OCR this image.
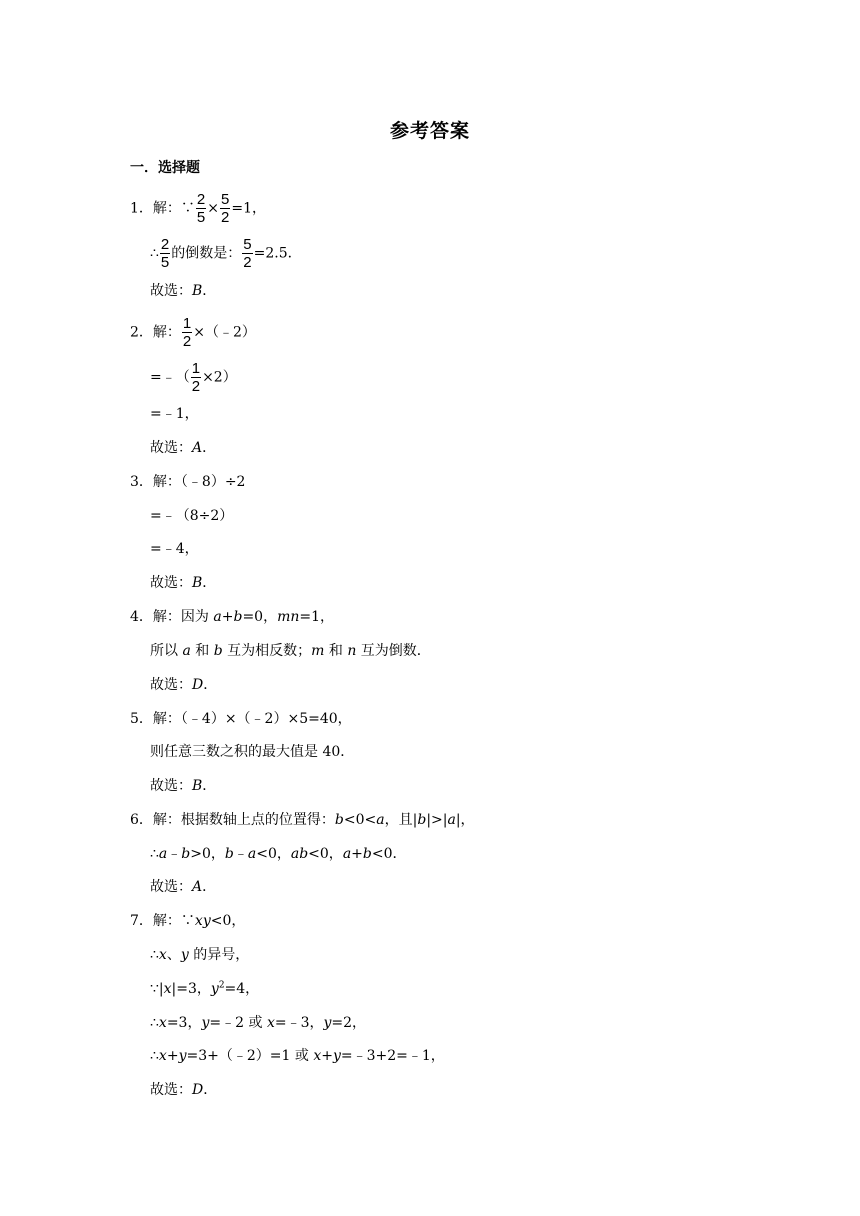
参考答案
一．选择题
1．解：∵ $\frac{2}{5} \times \frac{5}{2} =1$，
∴ $\frac{2}{5}$ 的倒数是： $\frac{5}{2} =2.5$．
故选：B．
2．解： $\frac{1}{2}$ ×（﹣2）
=﹣（ $\frac{1}{2} \times 2$）
=﹣1，
故选：A．
3．解：（﹣8）÷2
=﹣（8÷2）
=﹣4，
故选：B．
4．解：因为 a+b=0，mn=1，
所以 a 和 b 互为相反数；m 和 n 互为倒数．
故选：D．
5．解：（﹣4）×（﹣2）×5=40，
则任意三数之积的最大值是 40．
故选：B．
6．解：根据数轴上点的位置得：b<0<a，且|b|>|a|，
∴a﹣b>0，b﹣a<0，ab<0，a+b<0．
故选：A．
7．解：∵xy<0，
∴x、y 的异号，
∵|x|=3，$y^2=4$，
∴x=3，y=﹣2 或 x=﹣3，y=2，
∴x+y=3+（﹣2）=1 或 x+y=﹣3+2=﹣1，
故选：D．
